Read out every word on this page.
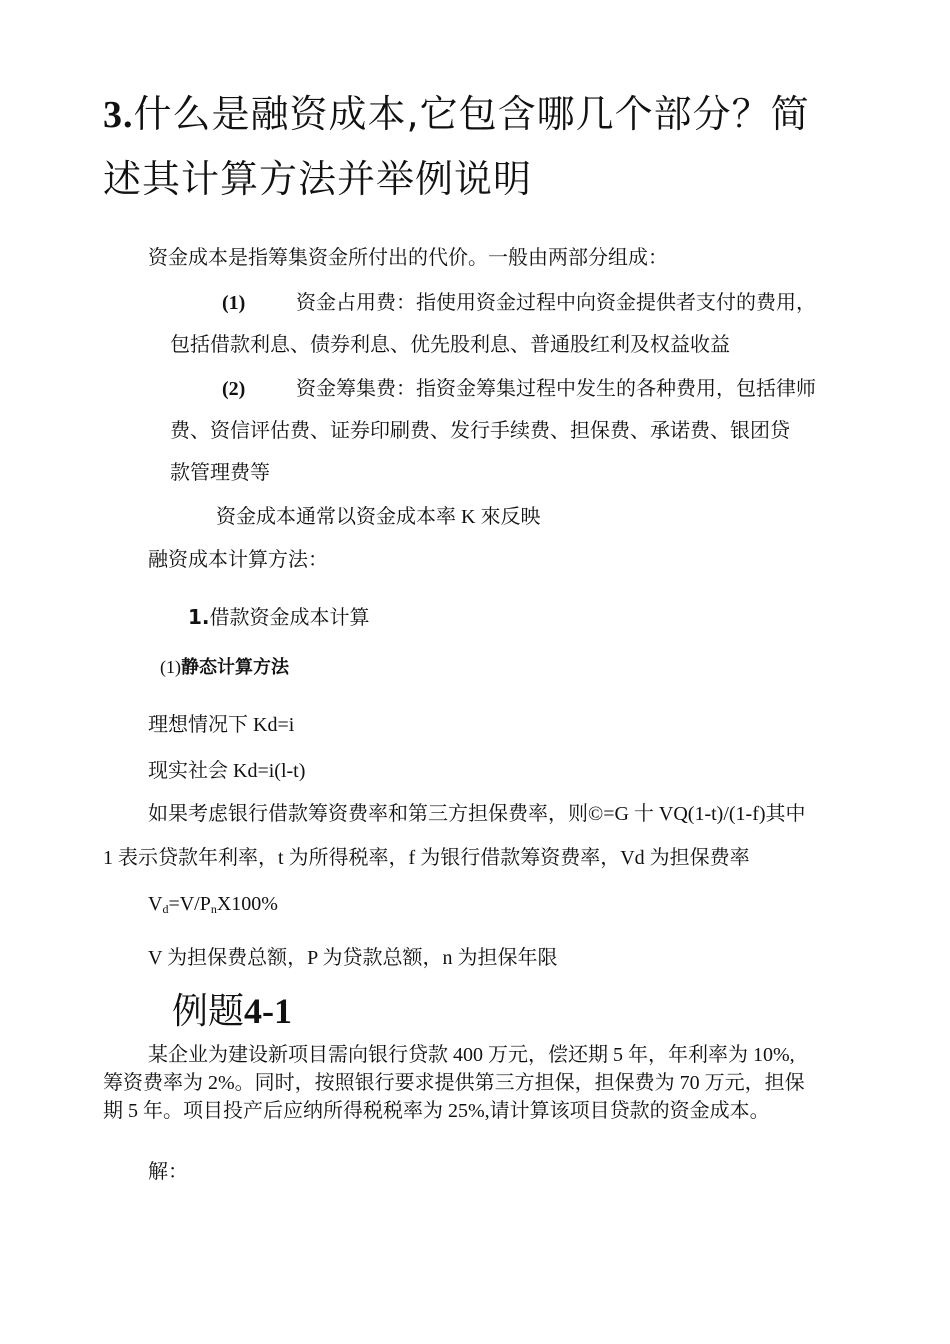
3.什么是融资成本,它包含哪几个部分？简
述其计算方法并举例说明
资金成本是指筹集资金所付出的代价。一般由两部分组成：
(1)	资金占用费：指使用资金过程中向资金提供者支付的费用，
包括借款利息、债券利息、优先股利息、普通股红利及权益收益
(2)	资金筹集费：指资金筹集过程中发生的各种费用，包括律师
费、资信评估费、证券印刷费、发行手续费、担保费、承诺费、银团贷
款管理费等
资金成本通常以资金成本率 K 來反映
融资成本计算方法：
1.借款资金成本计算
(1)静态计算方法
理想情况下 Kd=i
现实社会 Kd=i(l-t)
如果考虑银行借款筹资费率和第三方担保费率，则©=G 十 VQ(1-t)/(1-f)其中
1 表示贷款年利率，t 为所得税率，f 为银行借款筹资费率，Vd 为担保费率
$V_d=V/P_nX100\%$
V 为担保费总额，P 为贷款总额，n 为担保年限
例题4-1
某企业为建设新项目需向银行贷款 400 万元，偿还期 5 年，年利率为 10%,
筹资费率为 2%。同时，按照银行要求提供第三方担保，担保费为 70 万元，担保
期 5 年。项目投产后应纳所得税税率为 25%,请计算该项目贷款的资金成本。
解：
